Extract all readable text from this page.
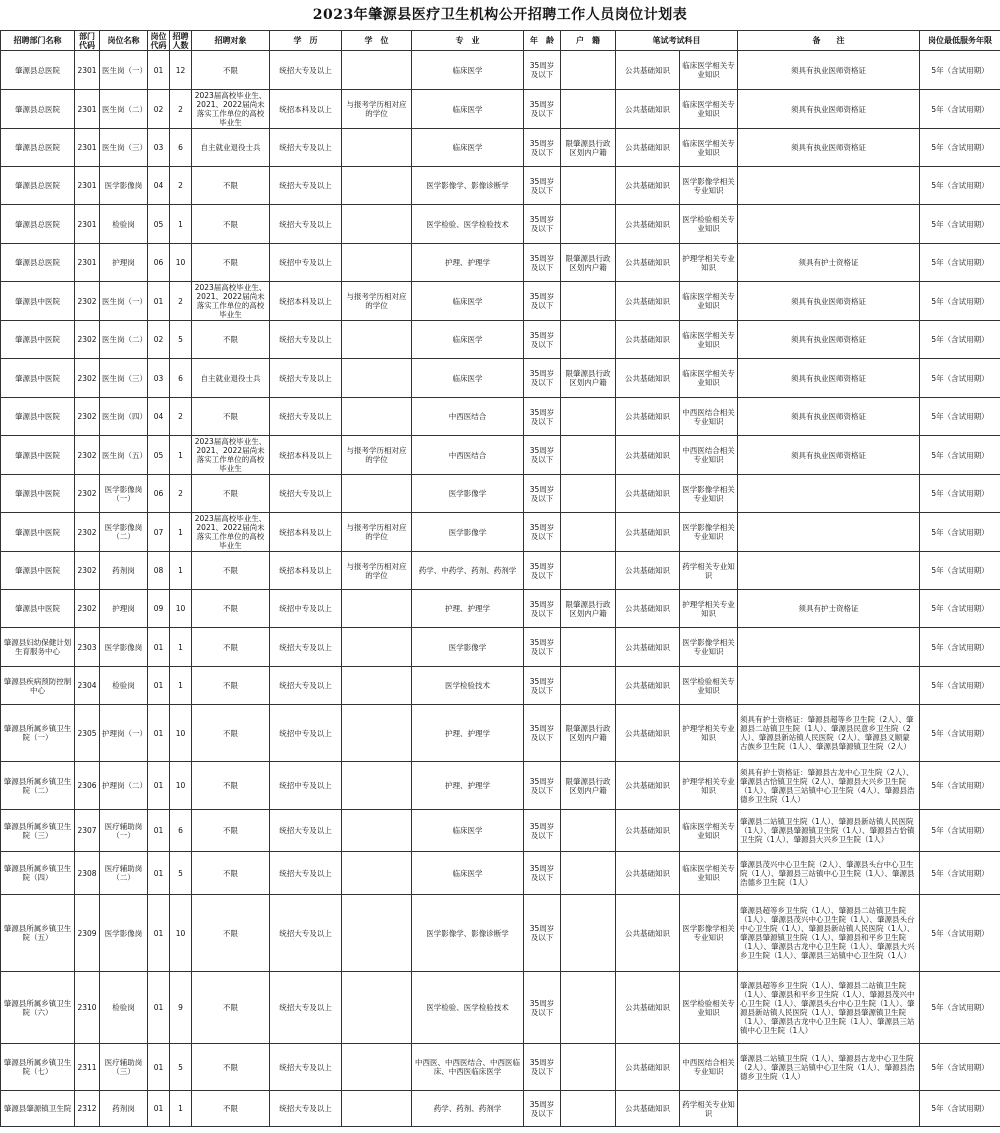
2023年肇源县医疗卫生机构公开招聘工作人员岗位计划表
招聘部门名称	部门代码	岗位名称	岗位代码	招聘人数	招聘对象	学　历	学　位	专　业	年　龄	户　籍	笔试考试科目		备　　注	岗位最低服务年限
肇源县总医院	2301	医生岗（一）	01	12	不限	统招大专及以上		临床医学	35周岁及以下		公共基础知识	临床医学相关专业知识	须具有执业医师资格证	5年（含试用期）
肇源县总医院	2301	医生岗（二）	02	2	2023届高校毕业生、2021、2022届尚未落实工作单位的高校毕业生	统招本科及以上	与报考学历相对应的学位	临床医学	35周岁及以下		公共基础知识	临床医学相关专业知识	须具有执业医师资格证	5年（含试用期）
肇源县总医院	2301	医生岗（三）	03	6	自主就业退役士兵	统招大专及以上		临床医学	35周岁及以下	限肇源县行政区划内户籍	公共基础知识	临床医学相关专业知识	须具有执业医师资格证	5年（含试用期）
肇源县总医院	2301	医学影像岗	04	2	不限	统招大专及以上		医学影像学、影像诊断学	35周岁及以下		公共基础知识	医学影像学相关专业知识		5年（含试用期）
肇源县总医院	2301	检验岗	05	1	不限	统招大专及以上		医学检验、医学检验技术	35周岁及以下		公共基础知识	医学检验相关专业知识		5年（含试用期）
肇源县总医院	2301	护理岗	06	10	不限	统招中专及以上		护理、护理学	35周岁及以下	限肇源县行政区划内户籍	公共基础知识	护理学相关专业知识	须具有护士资格证	5年（含试用期）
肇源县中医院	2302	医生岗（一）	01	2	2023届高校毕业生、2021、2022届尚未落实工作单位的高校毕业生	统招本科及以上	与报考学历相对应的学位	临床医学	35周岁及以下		公共基础知识	临床医学相关专业知识	须具有执业医师资格证	5年（含试用期）
肇源县中医院	2302	医生岗（二）	02	5	不限	统招大专及以上		临床医学	35周岁及以下		公共基础知识	临床医学相关专业知识	须具有执业医师资格证	5年（含试用期）
肇源县中医院	2302	医生岗（三）	03	6	自主就业退役士兵	统招大专及以上		临床医学	35周岁及以下	限肇源县行政区划内户籍	公共基础知识	临床医学相关专业知识	须具有执业医师资格证	5年（含试用期）
肇源县中医院	2302	医生岗（四）	04	2	不限	统招大专及以上		中西医结合	35周岁及以下		公共基础知识	中西医结合相关专业知识	须具有执业医师资格证	5年（含试用期）
肇源县中医院	2302	医生岗（五）	05	1	2023届高校毕业生、2021、2022届尚未落实工作单位的高校毕业生	统招本科及以上	与报考学历相对应的学位	中西医结合	35周岁及以下		公共基础知识	中西医结合相关专业知识	须具有执业医师资格证	5年（含试用期）
肇源县中医院	2302	医学影像岗（一）	06	2	不限	统招大专及以上		医学影像学	35周岁及以下		公共基础知识	医学影像学相关专业知识		5年（含试用期）
肇源县中医院	2302	医学影像岗（二）	07	1	2023届高校毕业生、2021、2022届尚未落实工作单位的高校毕业生	统招本科及以上	与报考学历相对应的学位	医学影像学	35周岁及以下		公共基础知识	医学影像学相关专业知识		5年（含试用期）
肇源县中医院	2302	药剂岗	08	1	不限	统招本科及以上	与报考学历相对应的学位	药学、中药学、药剂、药剂学	35周岁及以下		公共基础知识	药学相关专业知识		5年（含试用期）
肇源县中医院	2302	护理岗	09	10	不限	统招中专及以上		护理、护理学	35周岁及以下	限肇源县行政区划内户籍	公共基础知识	护理学相关专业知识	须具有护士资格证	5年（含试用期）
肇源县妇幼保健计划生育服务中心	2303	医学影像岗	01	1	不限	统招大专及以上		医学影像学	35周岁及以下		公共基础知识	医学影像学相关专业知识		5年（含试用期）
肇源县疾病预防控制中心	2304	检验岗	01	1	不限	统招大专及以上		医学检验技术	35周岁及以下		公共基础知识	医学检验相关专业知识		5年（含试用期）
肇源县所属乡镇卫生院（一）	2305	护理岗（一）	01	10	不限	统招中专及以上		护理、护理学	35周岁及以下	限肇源县行政区划内户籍	公共基础知识	护理学相关专业知识	须具有护士资格证：肇源县超等乡卫生院（2人）、肇源县二站镇卫生院（1人）、肇源县民意乡卫生院（2人）、肇源县新站镇人民医院（2人）、肇源县义顺蒙古族乡卫生院（1人）、肇源县肇源镇卫生院（2人）	5年（含试用期）
肇源县所属乡镇卫生院（二）	2306	护理岗（二）	01	10	不限	统招中专及以上		护理、护理学	35周岁及以下	限肇源县行政区划内户籍	公共基础知识	护理学相关专业知识	须具有护士资格证：肇源县古龙中心卫生院（2人）、肇源县古恰镇卫生院（2人）、肇源县大兴乡卫生院（1人）、肇源县三站镇中心卫生院（4人）、肇源县浩德乡卫生院（1人）	5年（含试用期）
肇源县所属乡镇卫生院（三）	2307	医疗辅助岗（一）	01	6	不限	统招大专及以上		临床医学	35周岁及以下		公共基础知识	临床医学相关专业知识	肇源县二站镇卫生院（1人）、肇源县新站镇人民医院（1人）、肇源县肇源镇卫生院（1人）、肇源县古恰镇卫生院（1人）、肇源县大兴乡卫生院（1人）	5年（含试用期）
肇源县所属乡镇卫生院（四）	2308	医疗辅助岗（二）	01	5	不限	统招大专及以上		临床医学	35周岁及以下		公共基础知识	临床医学相关专业知识	肇源县茂兴中心卫生院（2人）、肇源县头台中心卫生院（1人）、肇源县三站镇中心卫生院（1人）、肇源县浩德乡卫生院（1人）	5年（含试用期）
肇源县所属乡镇卫生院（五）	2309	医学影像岗	01	10	不限	统招大专及以上		医学影像学、影像诊断学	35周岁及以下		公共基础知识	医学影像学相关专业知识	肇源县超等乡卫生院（1人）、肇源县二站镇卫生院（1人）、肇源县茂兴中心卫生院（1人）、肇源县头台中心卫生院（1人）、肇源县新站镇人民医院（1人）、肇源县肇源镇卫生院（1人）、肇源县和平乡卫生院（1人）、肇源县古龙中心卫生院（1人）、肇源县大兴乡卫生院（1人）、肇源县三站镇中心卫生院（1人）	5年（含试用期）
肇源县所属乡镇卫生院（六）	2310	检验岗	01	9	不限	统招大专及以上		医学检验、医学检验技术	35周岁及以下		公共基础知识	医学检验相关专业知识	肇源县超等乡卫生院（1人）、肇源县二站镇卫生院（1人）、肇源县和平乡卫生院（1人）、肇源县茂兴中心卫生院（1人）、肇源县头台中心卫生院（1人）、肇源县新站镇人民医院（1人）、肇源县肇源镇卫生院（1人）、肇源县古龙中心卫生院（1人）、肇源县三站镇中心卫生院（1人）	5年（含试用期）
肇源县所属乡镇卫生院（七）	2311	医疗辅助岗（三）	01	5	不限	统招大专及以上		中西医、中西医结合、中西医临床、中西医临床医学	35周岁及以下		公共基础知识	中西医结合相关专业知识	肇源县二站镇卫生院（1人）、肇源县古龙中心卫生院（2人）、肇源县三站镇中心卫生院（1人）、肇源县浩德乡卫生院（1人）	5年（含试用期）
肇源县肇源镇卫生院	2312	药剂岗	01	1	不限	统招大专及以上		药学、药剂、药剂学	35周岁及以下		公共基础知识	药学相关专业知识		5年（含试用期）
